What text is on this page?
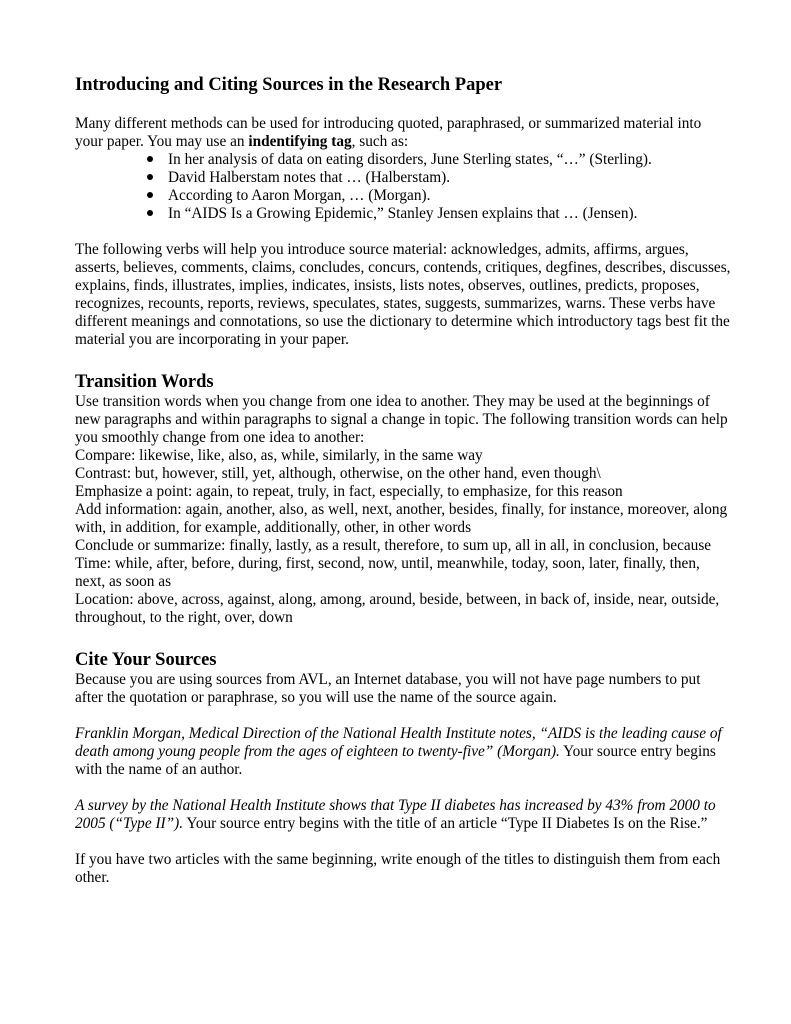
Introducing and Citing Sources in the Research Paper

Many different methods can be used for introducing quoted, paraphrased, or summarized material into your paper. You may use an indentifying tag, such as:

In her analysis of data on eating disorders, June Sterling states, “…” (Sterling).
David Halberstam notes that … (Halberstam).
According to Aaron Morgan, … (Morgan).
In “AIDS Is a Growing Epidemic,” Stanley Jensen explains that … (Jensen).

The following verbs will help you introduce source material: acknowledges, admits, affirms, argues, asserts, believes, comments, claims, concludes, concurs, contends, critiques, degfines, describes, discusses, explains, finds, illustrates, implies, indicates, insists, lists notes, observes, outlines, predicts, proposes, recognizes, recounts, reports, reviews, speculates, states, suggests, summarizes, warns. These verbs have different meanings and connotations, so use the dictionary to determine which introductory tags best fit the material you are incorporating in your paper.

Transition Words

Use transition words when you change from one idea to another. They may be used at the beginnings of new paragraphs and within paragraphs to signal a change in topic. The following transition words can help you smoothly change from one idea to another:

Compare: likewise, like, also, as, while, similarly, in the same way

Contrast: but, however, still, yet, although, otherwise, on the other hand, even though\

Emphasize a point: again, to repeat, truly, in fact, especially, to emphasize, for this reason

Add information: again, another, also, as well, next, another, besides, finally, for instance, moreover, along with, in addition, for example, additionally, other, in other words

Conclude or summarize: finally, lastly, as a result, therefore, to sum up, all in all, in conclusion, because

Time: while, after, before, during, first, second, now, until, meanwhile, today, soon, later, finally, then, next, as soon as

Location: above, across, against, along, among, around, beside, between, in back of, inside, near, outside, throughout, to the right, over, down

Cite Your Sources

Because you are using sources from AVL, an Internet database, you will not have page numbers to put after the quotation or paraphrase, so you will use the name of the source again.

Franklin Morgan, Medical Direction of the National Health Institute notes, “AIDS is the leading cause of death among young people from the ages of eighteen to twenty-five” (Morgan). Your source entry begins with the name of an author.

A survey by the National Health Institute shows that Type II diabetes has increased by 43% from 2000 to 2005 (“Type II”). Your source entry begins with the title of an article “Type II Diabetes Is on the Rise.”

If you have two articles with the same beginning, write enough of the titles to distinguish them from each other.
